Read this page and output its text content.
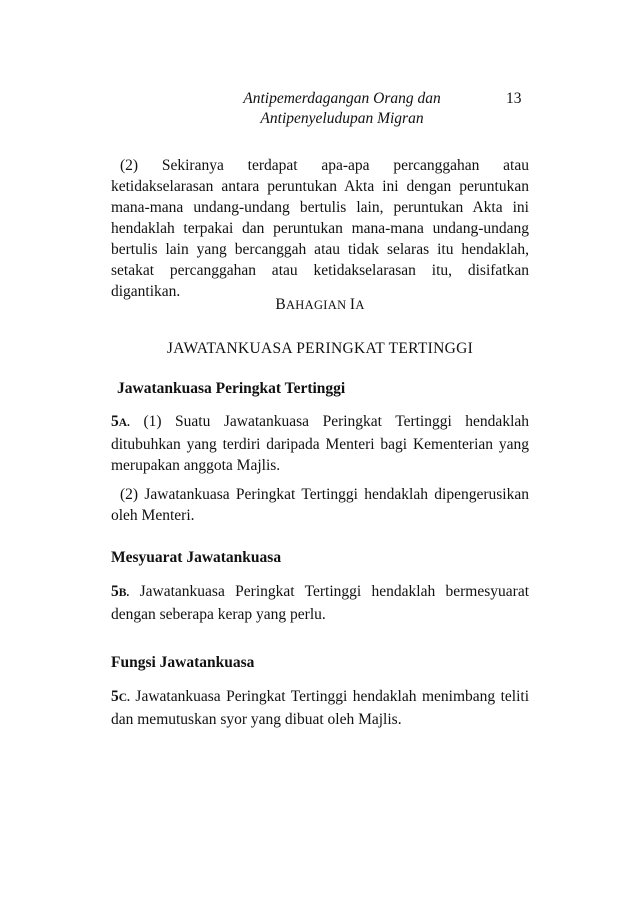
Antipemerdagangan Orang dan
Antipenyeludupan Migran
13
(2) Sekiranya terdapat apa-apa percanggahan atau ketidakselarasan antara peruntukan Akta ini dengan peruntukan mana-mana undang-undang bertulis lain, peruntukan Akta ini hendaklah terpakai dan peruntukan mana-mana undang-undang bertulis lain yang bercanggah atau tidak selaras itu hendaklah, setakat percanggahan atau ketidakselarasan itu, disifatkan digantikan.
BAHAGIAN IA
JAWATANKUASA PERINGKAT TERTINGGI
Jawatankuasa Peringkat Tertinggi
5A. (1) Suatu Jawatankuasa Peringkat Tertinggi hendaklah ditubuhkan yang terdiri daripada Menteri bagi Kementerian yang merupakan anggota Majlis.
(2) Jawatankuasa Peringkat Tertinggi hendaklah dipengerusikan oleh Menteri.
Mesyuarat Jawatankuasa
5B. Jawatankuasa Peringkat Tertinggi hendaklah bermesyuarat dengan seberapa kerap yang perlu.
Fungsi Jawatankuasa
5C. Jawatankuasa Peringkat Tertinggi hendaklah menimbang teliti dan memutuskan syor yang dibuat oleh Majlis.
